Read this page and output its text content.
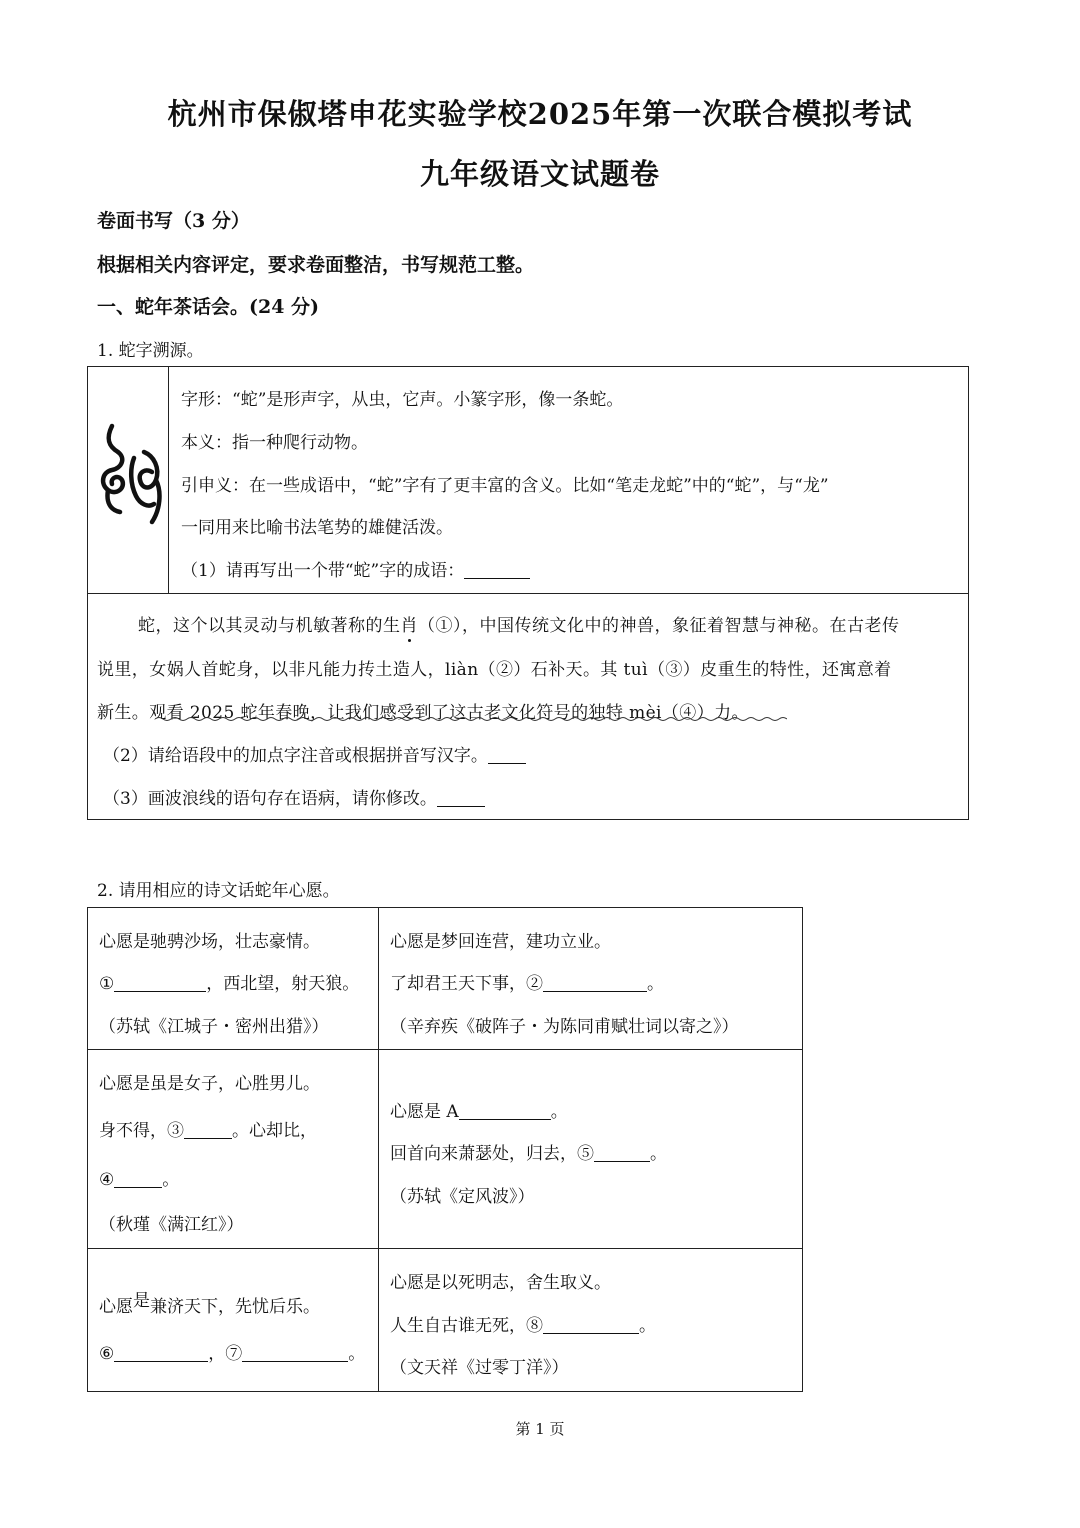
杭州市保俶塔申花实验学校2025年第一次联合模拟考试
九年级语文试题卷
卷面书写（3 分）
根据相关内容评定，要求卷面整洁，书写规范工整。
一、蛇年茶话会。(24 分)
1. 蛇字溯源。
字形：“蛇”是形声字，从虫，它声。小篆字形，像一条蛇。
本义：指一种爬行动物。
引申义：在一些成语中，“蛇”字有了更丰富的含义。比如“笔走龙蛇”中的“蛇”，与“龙”
一同用来比喻书法笔势的雄健活泼。
（1）请再写出一个带“蛇”字的成语：
蛇，这个以其灵动与机敏著称的生肖（①），中国传统文化中的神兽，象征着智慧与神秘。在古老传
说里，女娲人首蛇身，以非凡能力抟土造人，liàn（②）石补天。其 tuì（③）皮重生的特性，还寓意着
新生。观看 2025 蛇年春晚，让我们感受到了这古老文化符号的独特 mèi（④）力。
（2）请给语段中的加点字注音或根据拼音写汉字。
（3）画波浪线的语句存在语病，请你修改。
2. 请用相应的诗文话蛇年心愿。
心愿是驰骋沙场，壮志豪情。
①	，西北望，射天狼。
（苏轼《江城子・密州出猎》）
心愿是梦回连营，建功立业。
了却君王天下事，②	。
（辛弃疾《破阵子・为陈同甫赋壮词以寄之》）
心愿是虽是女子，心胜男儿。
身不得，③	。心却比，
④	。
（秋瑾《满江红》）
心愿是 A	。
回首向来萧瑟处，归去，⑤	。
（苏轼《定风波》）
心愿是兼济天下，先忧后乐。
⑥	，⑦	。
心愿是以死明志，舍生取义。
人生自古谁无死，⑧	。
（文天祥《过零丁洋》）
第 1 页
